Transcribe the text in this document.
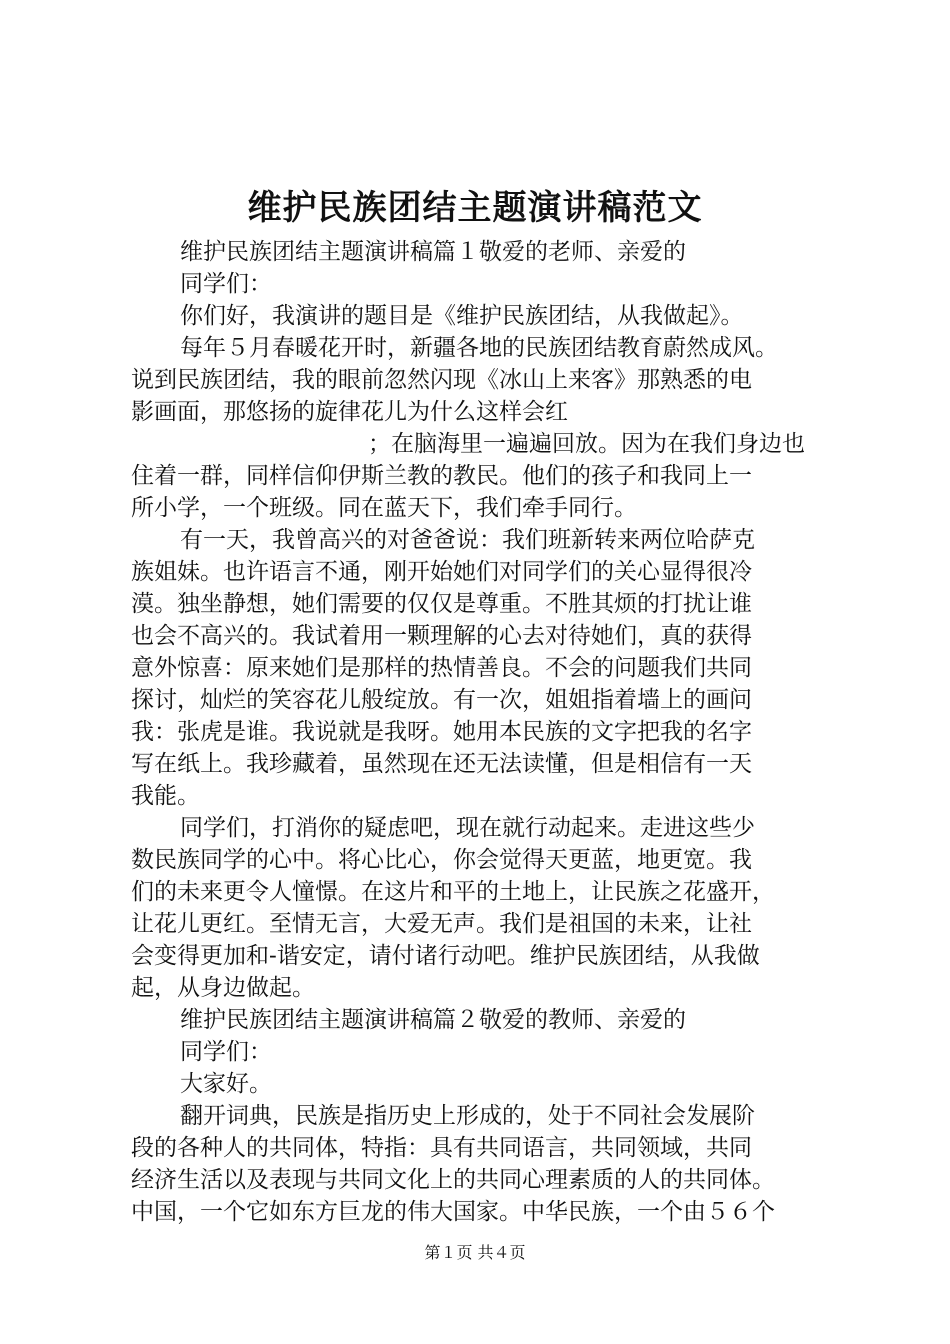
维护民族团结主题演讲稿范文

维护民族团结主题演讲稿篇１敬爱的老师、亲爱的

同学们：

你们好，我演讲的题目是《维护民族团结，从我做起》。

每年５月春暖花开时，新疆各地的民族团结教育蔚然成风。

说到民族团结，我的眼前忽然闪现《冰山上来客》那熟悉的电

影画面，那悠扬的旋律花儿为什么这样会红

；在脑海里一遍遍回放。因为在我们身边也

住着一群，同样信仰伊斯兰教的教民。他们的孩子和我同上一

所小学，一个班级。同在蓝天下，我们牵手同行。

有一天，我曾高兴的对爸爸说：我们班新转来两位哈萨克

族姐妹。也许语言不通，刚开始她们对同学们的关心显得很冷

漠。独坐静想，她们需要的仅仅是尊重。不胜其烦的打扰让谁

也会不高兴的。我试着用一颗理解的心去对待她们，真的获得

意外惊喜：原来她们是那样的热情善良。不会的问题我们共同

探讨，灿烂的笑容花儿般绽放。有一次，姐姐指着墙上的画问

我：张虎是谁。我说就是我呀。她用本民族的文字把我的名字

写在纸上。我珍藏着，虽然现在还无法读懂，但是相信有一天

我能。

同学们，打消你的疑虑吧，现在就行动起来。走进这些少

数民族同学的心中。将心比心，你会觉得天更蓝，地更宽。我

们的未来更令人憧憬。在这片和平的土地上，让民族之花盛开，

让花儿更红。至情无言，大爱无声。我们是祖国的未来，让社

会变得更加和-谐安定，请付诸行动吧。维护民族团结，从我做

起，从身边做起。

维护民族团结主题演讲稿篇２敬爱的教师、亲爱的

同学们：

大家好。

翻开词典，民族是指历史上形成的，处于不同社会发展阶

段的各种人的共同体，特指：具有共同语言，共同领域，共同

经济生活以及表现与共同文化上的共同心理素质的人的共同体。

中国，一个它如东方巨龙的伟大国家。中华民族，一个由５６个

第１页 共４页
